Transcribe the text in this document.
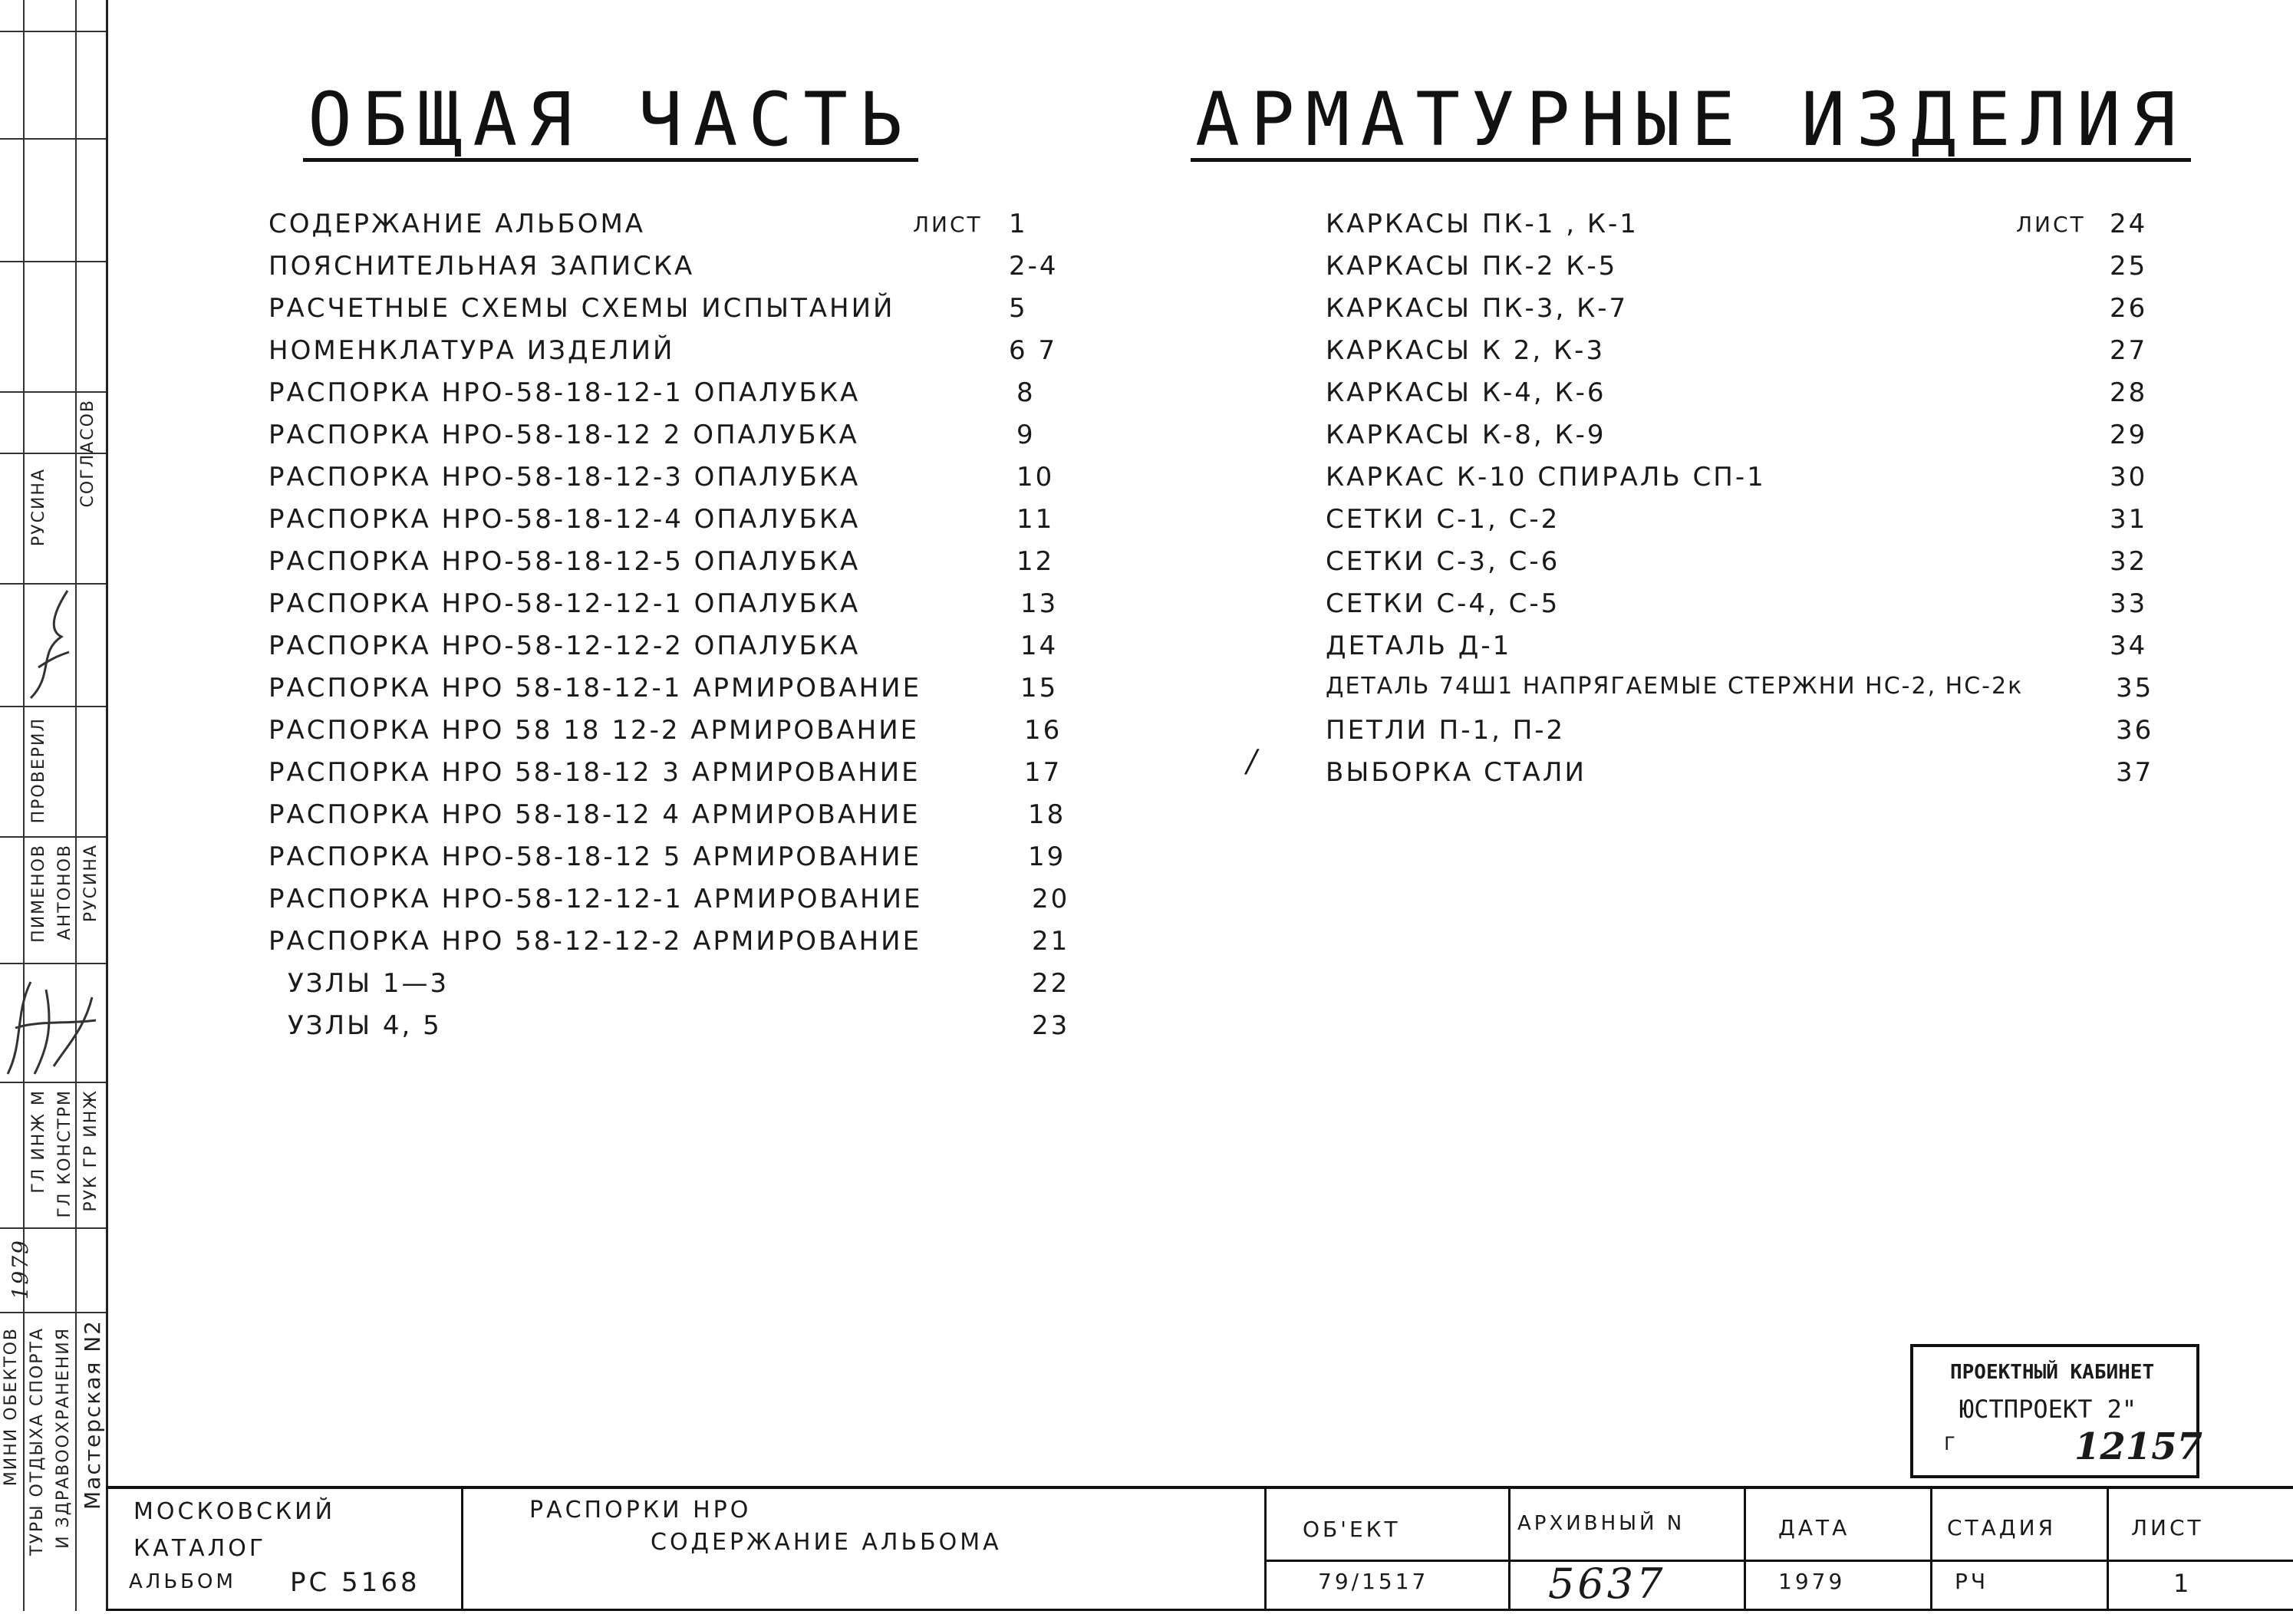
СОГЛАСОВ
РУСИНА
ПРОВЕРИЛ
ПИМЕНОВ АНТОНОВ РУСИНА
ГЛ ИНЖ М ГЛ КОНСТРМ РУК ГР ИНЖ
1979
МИНИ ОБЕКТОВ ТУРЫ ОТДЫХА СПОРТА И ЗДРАВООХРАНЕНИЯ Мастерская N2
ОБЩАЯ ЧАСТЬ	АРМАТУРНЫЕ ИЗДЕЛИЯ
СОДЕРЖАНИЕ АЛЬБОМА	ЛИСТ 1
ПОЯСНИТЕЛЬНАЯ ЗАПИСКА	2-4
РАСЧЕТНЫЕ СХЕМЫ СХЕМЫ ИСПЫТАНИЙ	5
НОМЕНКЛАТУРА ИЗДЕЛИЙ	6 7
РАСПОРКА НРО-58-18-12-1 ОПАЛУБКА	8
РАСПОРКА НРО-58-18-12 2 ОПАЛУБКА	9
РАСПОРКА НРО-58-18-12-3 ОПАЛУБКА	10
РАСПОРКА НРО-58-18-12-4 ОПАЛУБКА	11
РАСПОРКА НРО-58-18-12-5 ОПАЛУБКА	12
РАСПОРКА НРО-58-12-12-1 ОПАЛУБКА	13
РАСПОРКА НРО-58-12-12-2 ОПАЛУБКА	14
РАСПОРКА НРО 58-18-12-1 АРМИРОВАНИЕ	15
РАСПОРКА НРО 58 18 12-2 АРМИРОВАНИЕ	16
РАСПОРКА НРО 58-18-12 3 АРМИРОВАНИЕ	17
РАСПОРКА НРО 58-18-12 4 АРМИРОВАНИЕ	18
РАСПОРКА НРО-58-18-12 5 АРМИРОВАНИЕ	19
РАСПОРКА НРО-58-12-12-1 АРМИРОВАНИЕ	20
РАСПОРКА НРО 58-12-12-2 АРМИРОВАНИЕ	21
УЗЛЫ 1—3	22
УЗЛЫ 4, 5	23
КАРКАСЫ ПК-1 , К-1	ЛИСТ 24
КАРКАСЫ ПК-2 К-5	25
КАРКАСЫ ПК-3, К-7	26
КАРКАСЫ К 2, К-3	27
КАРКАСЫ К-4, К-6	28
КАРКАСЫ К-8, К-9	29
КАРКАС К-10 СПИРАЛЬ СП-1	30
СЕТКИ С-1, С-2	31
СЕТКИ С-3, С-6	32
СЕТКИ С-4, С-5	33
ДЕТАЛЬ Д-1	34
ДЕТАЛЬ 74Ш1 НАПРЯГАЕМЫЕ СТЕРЖНИ НС-2, НС-2к	35
ПЕТЛИ П-1, П-2	36
ВЫБОРКА СТАЛИ	37
/
ПРОЕКТНЫЙ КАБИНЕТ
ЮСТПРОЕКТ 2"
Г	12157
МОСКОВСКИЙ
КАТАЛОГ
АЛЬБОМ РС 5168
РАСПОРКИ НРО
СОДЕРЖАНИЕ АЛЬБОМА	ОБ'ЕКТ	АРХИВНЫЙ N	ДАТА	СТАДИЯ	ЛИСТ
79/1517	5637	1979	РЧ	1
